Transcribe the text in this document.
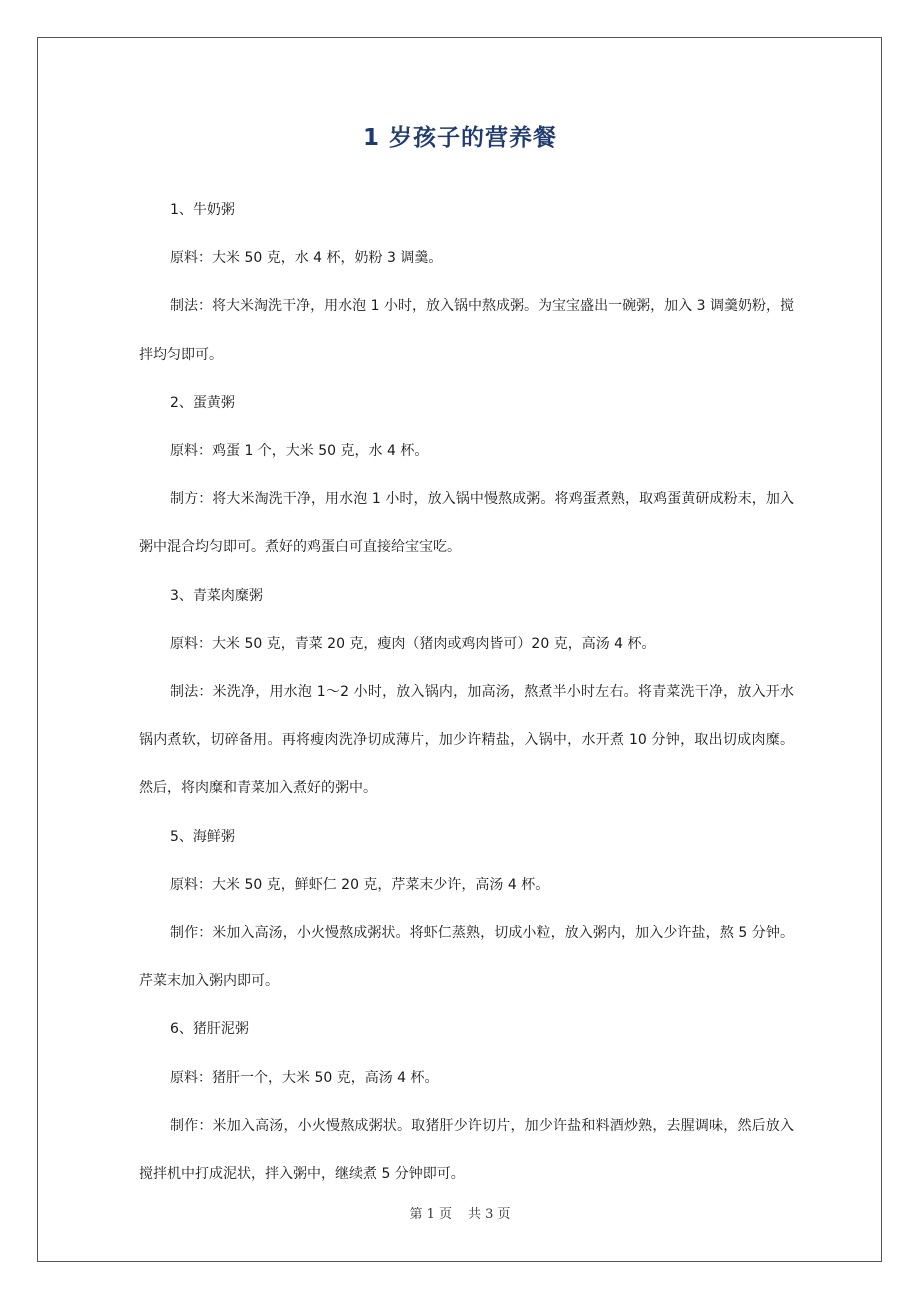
1 岁孩子的营养餐

1、牛奶粥

原料：大米 50 克，水 4 杯，奶粉 3 调羹。

制法：将大米淘洗干净，用水泡 1 小时，放入锅中熬成粥。为宝宝盛出一碗粥，加入 3 调羹奶粉，搅拌均匀即可。

2、蛋黄粥

原料：鸡蛋 1 个，大米 50 克，水 4 杯。

制方：将大米淘洗干净，用水泡 1 小时，放入锅中慢熬成粥。将鸡蛋煮熟，取鸡蛋黄研成粉末，加入粥中混合均匀即可。煮好的鸡蛋白可直接给宝宝吃。

3、青菜肉糜粥

原料：大米 50 克，青菜 20 克，瘦肉（猪肉或鸡肉皆可）20 克，高汤 4 杯。

制法：米洗净，用水泡 1～2 小时，放入锅内，加高汤，熬煮半小时左右。将青菜洗干净，放入开水锅内煮软，切碎备用。再将瘦肉洗净切成薄片，加少许精盐，入锅中，水开煮 10 分钟，取出切成肉糜。然后，将肉糜和青菜加入煮好的粥中。

5、海鲜粥

原料：大米 50 克，鲜虾仁 20 克，芹菜末少许，高汤 4 杯。

制作：米加入高汤，小火慢熬成粥状。将虾仁蒸熟，切成小粒，放入粥内，加入少许盐，熬 5 分钟。芹菜末加入粥内即可。

6、猪肝泥粥

原料：猪肝一个，大米 50 克，高汤 4 杯。

制作：米加入高汤，小火慢熬成粥状。取猪肝少许切片，加少许盐和料酒炒熟，去腥调味，然后放入搅拌机中打成泥状，拌入粥中，继续煮 5 分钟即可。

第 1 页 共 3 页
